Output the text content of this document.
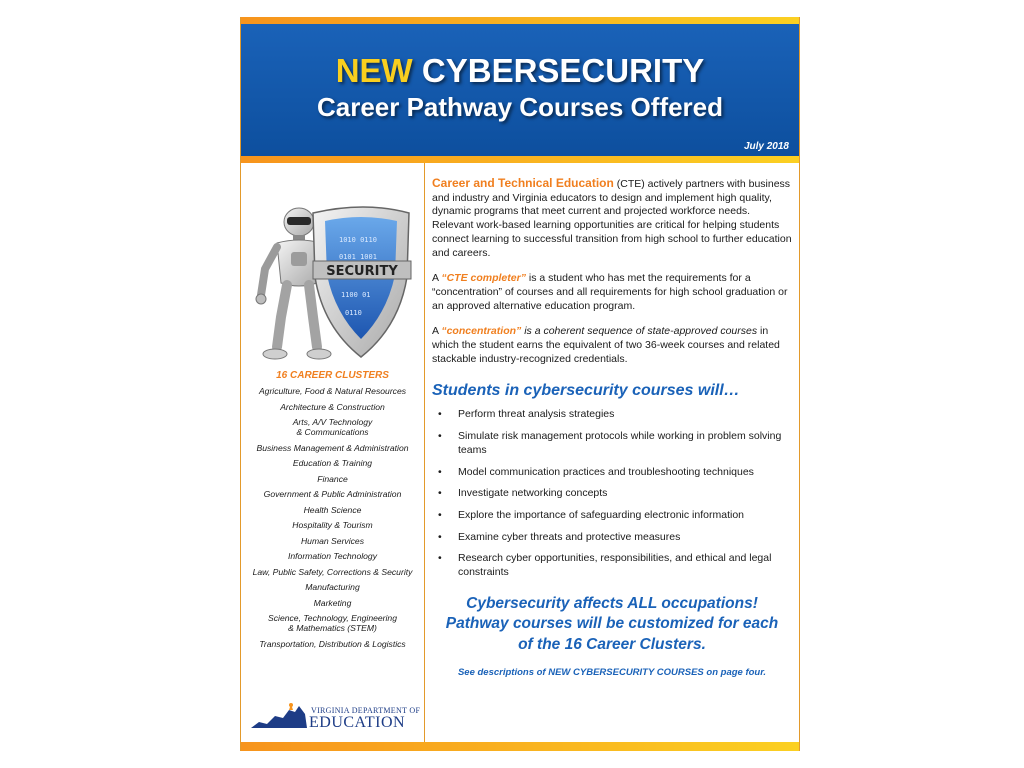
NEW CYBERSECURITY
Career Pathway Courses Offered
July 2018
1010 0110
0101 1001
1100 01
0110
SECURITY
16 CAREER CLUSTERS
Agriculture, Food & Natural Resources
Architecture & Construction
Arts, A/V Technology
& Communications
Business Management & Administration
Education & Training
Finance
Government & Public Administration
Health Science
Hospitality & Tourism
Human Services
Information Technology
Law, Public Safety, Corrections & Security
Manufacturing
Marketing
Science, Technology, Engineering
& Mathematics (STEM)
Transportation, Distribution & Logistics
VIRGINIA DEPARTMENT OF
EDUCATION

Career and Technical Education (CTE) actively partners with business and industry and Virginia educators to design and implement high quality, dynamic programs that meet current and projected workforce needs. Relevant work-based learning opportunities are critical for helping students connect learning to successful transition from high school to further education and careers.

A “CTE completer” is a student who has met the requirements for a “concentration” of courses and all requirements for high school graduation or an approved alternative education program.

A “concentration” is a coherent sequence of state-approved courses in which the student earns the equivalent of two 36-week courses and related stackable industry-recognized credentials.

Students in cybersecurity courses will…
• Perform threat analysis strategies
• Simulate risk management protocols while working in problem solving teams
• Model communication practices and troubleshooting techniques
• Investigate networking concepts
• Explore the importance of safeguarding electronic information
• Examine cyber threats and protective measures
• Research cyber opportunities, responsibilities, and ethical and legal constraints
Cybersecurity affects ALL occupations!
Pathway courses will be customized for each
of the 16 Career Clusters.
See descriptions of NEW CYBERSECURITY COURSES on page four.
